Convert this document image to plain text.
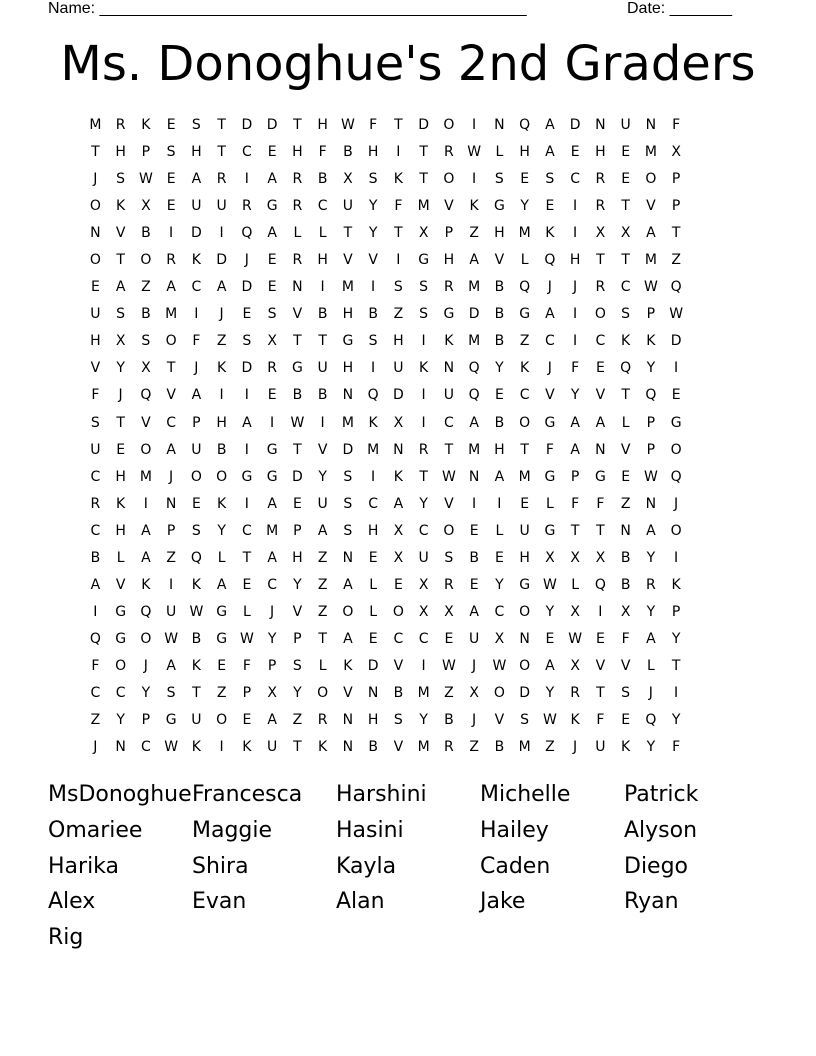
Name: ________________________________________________	Date: _______
Ms. Donoghue's 2nd Graders
M R	K	E	S	T	D D	T	H W F	T	D O	I	N	Q	A	D	N	U	N	F
T	H	P	S	H	T	C	E	H	F	B	H	I	T	R W L	H	A	E	H	E	M X
J	S W E	A	R	I	A	R	B	X	S	K	T	O	I	S	E	S	C	R	E	O	P
O	K	X	E	U	U	R	G	R	C	U	Y	F	M V	K	G	Y	E	I	R	T	V	P
N	V	B	I	D	I	Q	A	L	L	T	Y	T	X	P	Z	H M	K	I	X	X	A	T
O	T	O	R	K	D	J	E	R	H	V	V	I	G	H	A	V	L	Q H	T	T	M Z
E	A	Z	A	C	A	D	E	N	I	M	I	S	S	R M B	Q	J	J	R	C W Q
U	S	B M	I	J	E	S	V	B	H	B	Z	S	G D	B	G	A	I	O	S	P W
H	X	S	O	F	Z	S	X	T	T	G	S	H	I	K	M B	Z	C	I	C	K	K	D
V	Y	X	T	J	K	D	R	G	U	H	I	U	K	N	Q	Y	K	J	F	E	Q	Y	I
F	J	Q	V	A	I	I	E	B	B	N	Q D	I	U	Q	E	C	V	Y	V	T	Q	E
S	T	V	C	P	H	A	I	W	I	M	K	X	I	C	A	B	O G	A	A	L	P	G
U	E	O	A	U	B	I	G	T	V	D M N	R	T	M H	T	F	A	N	V	P	O
C	H M	J	O O G G D	Y	S	I	K	T W N	A M G	P	G	E W Q
R	K	I	N	E	K	I	A	E	U	S	C	A	Y	V	I	I	E	L	F	F	Z	N	J
C	H	A	P	S	Y	C M	P	A	S	H	X	C	O	E	L	U	G	T	T	N	A	O
B	L	A	Z	Q	L	T	A	H	Z	N	E	X	U	S	B	E	H	X	X	X	B	Y	I
A	V	K	I	K	A	E	C	Y	Z	A	L	E	X	R	E	Y	G W L	Q	B	R	K
I	G Q	U W G	L	J	V	Z	O	L	O	X	X	A	C	O	Y	X	I	X	Y	P
Q G O W B	G W Y	P	T	A	E	C	C	E	U	X	N	E W E	F	A	Y
F	O	J	A	K	E	F	P	S	L	K	D	V	I	W	J	W O	A	X	V	V	L	T
C	C	Y	S	T	Z	P	X	Y	O	V	N	B M Z	X	O D	Y	R	T	S	J	I
Z	Y	P	G	U	O	E	A	Z	R	N	H	S	Y	B	J	V	S W K	F	E	Q	Y
J	N	C W K	I	K	U	T	K	N	B	V M R	Z	B M Z	J	U	K	Y	F
MsDonoghue Francesca	Harshini	Michelle	Patrick
Omariee	Maggie	Hasini	Hailey	Alyson
Harika	Shira	Kayla	Caden	Diego
Alex	Evan	Alan	Jake	Ryan
Rig
